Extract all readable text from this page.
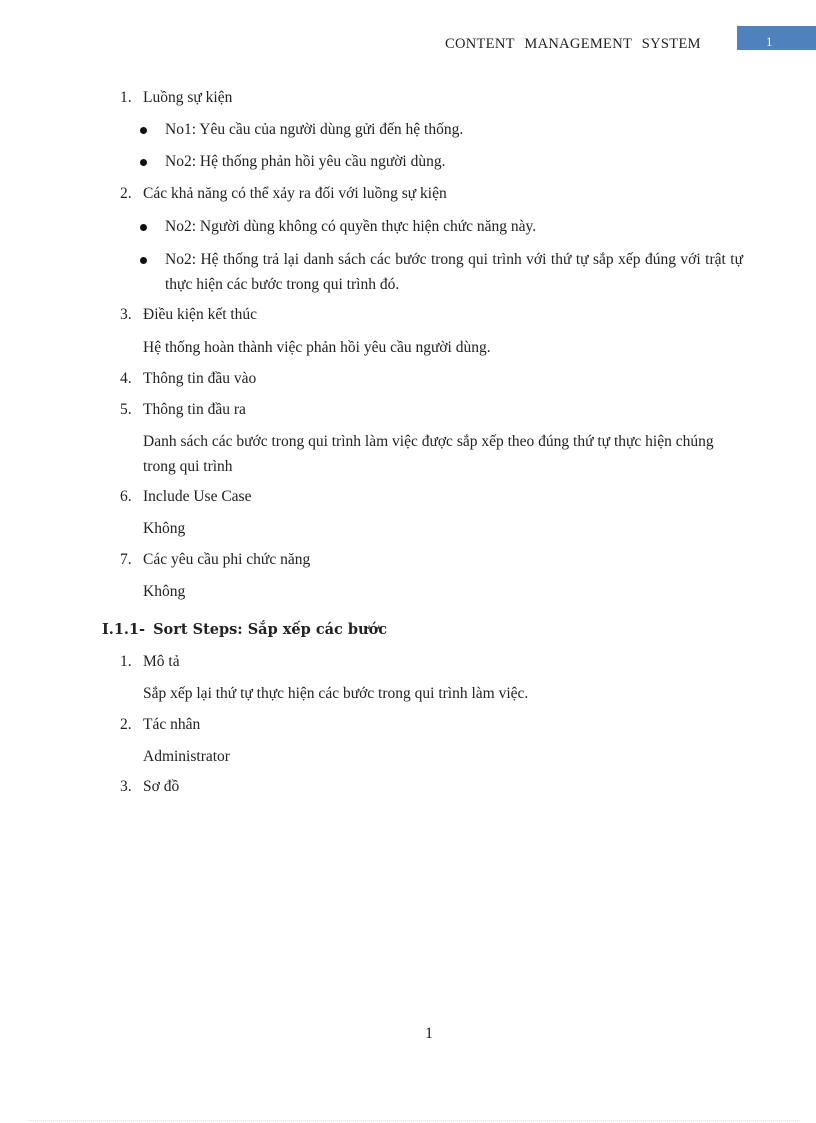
CONTENT MANAGEMENT SYSTEM	1
1. Luồng sự kiện
No1: Yêu cầu của người dùng gửi đến hệ thống.
No2: Hệ thống phản hồi yêu cầu người dùng.
2. Các khả năng có thể xảy ra đối với luồng sự kiện
No2: Người dùng không có quyền thực hiện chức năng này.
No2: Hệ thống trả lại danh sách các bước trong qui trình với thứ tự sắp xếp đúng với trật tự thực hiện các bước trong qui trình đó.
3. Điều kiện kết thúc
Hệ thống hoàn thành việc phản hồi yêu cầu người dùng.
4. Thông tin đầu vào
5. Thông tin đầu ra
Danh sách các bước trong qui trình làm việc được sắp xếp theo đúng thứ tự thực hiện chúng trong qui trình
6. Include Use Case
Không
7. Các yêu cầu phi chức năng
Không
I.1.1- Sort Steps: Sắp xếp các bước
1. Mô tả
Sắp xếp lại thứ tự thực hiện các bước trong qui trình làm việc.
2. Tác nhân
Administrator
3. Sơ đồ
1
